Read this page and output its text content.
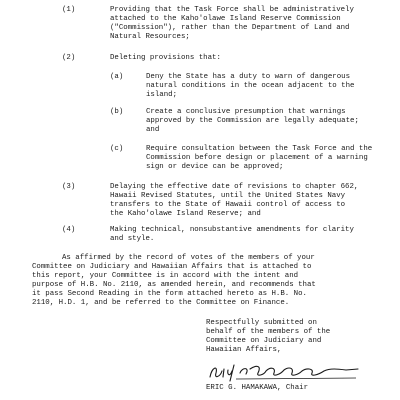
(1)	Providing that the Task Force shall be administratively
attached to the Kaho'olawe Island Reserve Commission
("Commission"), rather than the Department of Land and
Natural Resources;
(2)	Deleting provisions that:
(a)	Deny the State has a duty to warn of dangerous
natural conditions in the ocean adjacent to the
island;
(b)	Create a conclusive presumption that warnings
approved by the Commission are legally adequate;
and
(c)	Require consultation between the Task Force and the
Commission before design or placement of a warning
sign or device can be approved;
(3)	Delaying the effective date of revisions to chapter 662,
Hawaii Revised Statutes, until the United States Navy
transfers to the State of Hawaii control of access to
the Kaho'olawe Island Reserve; and
(4)	Making technical, nonsubstantive amendments for clarity
and style.
As affirmed by the record of votes of the members of your
Committee on Judiciary and Hawaiian Affairs that is attached to
this report, your Committee is in accord with the intent and
purpose of H.B. No. 2110, as amended herein, and recommends that
it pass Second Reading in the form attached hereto as H.B. No.
2110, H.D. 1, and be referred to the Committee on Finance.
Respectfully submitted on
behalf of the members of the
Committee on Judiciary and
Hawaiian Affairs,
ERIC G. HAMAKAWA, Chair
